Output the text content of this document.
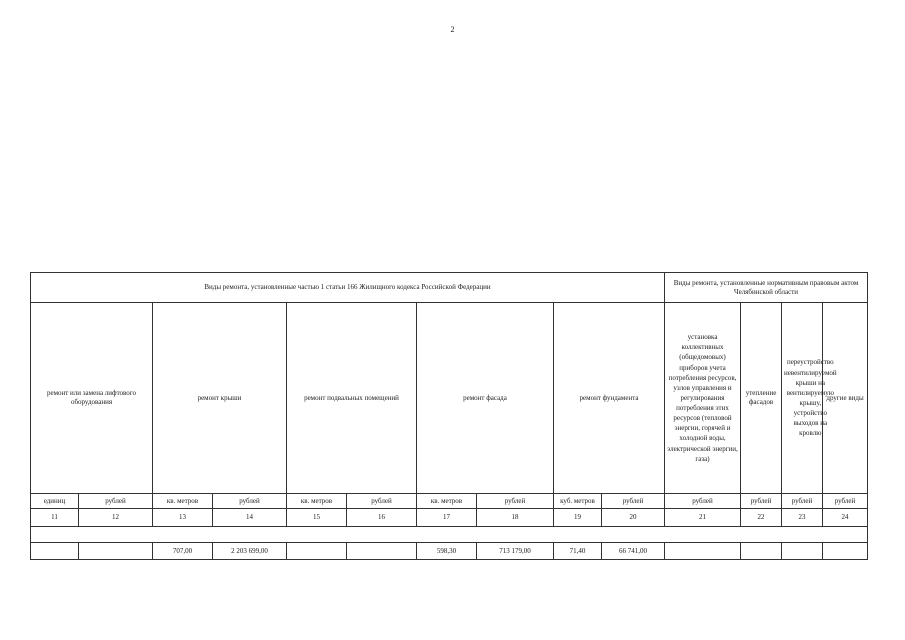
2
Виды ремонта, установленные частью 1 статьи 166 Жилищного кодекса Российской Федерации										Виды ремонта, установленные нормативным правовым актом Челябинской области			
ремонт или замена лифтового оборудования		ремонт крыши		ремонт подвальных помещений		ремонт фасада		ремонт фундамента		установка коллективных (общедомовых) приборов учета потребления ресурсов, узлов управления и регулирования потребления этих ресурсов (тепловой энергии, горячей и холодной воды, электрической энергии, газа)	утепление фасадов	переустройство невентилируемой крыши на вентилируемую крышу, устройство выходов на кровлю	другие виды
единиц	рублей	кв. метров	рублей	кв. метров	рублей	кв. метров	рублей	куб. метров	рублей	рублей	рублей	рублей	рублей
11	12	13	14	15	16	17	18	19	20	21	22	23	24

		707,00	2 203 699,00			598,30	713 179,00	71,40	66 741,00				
